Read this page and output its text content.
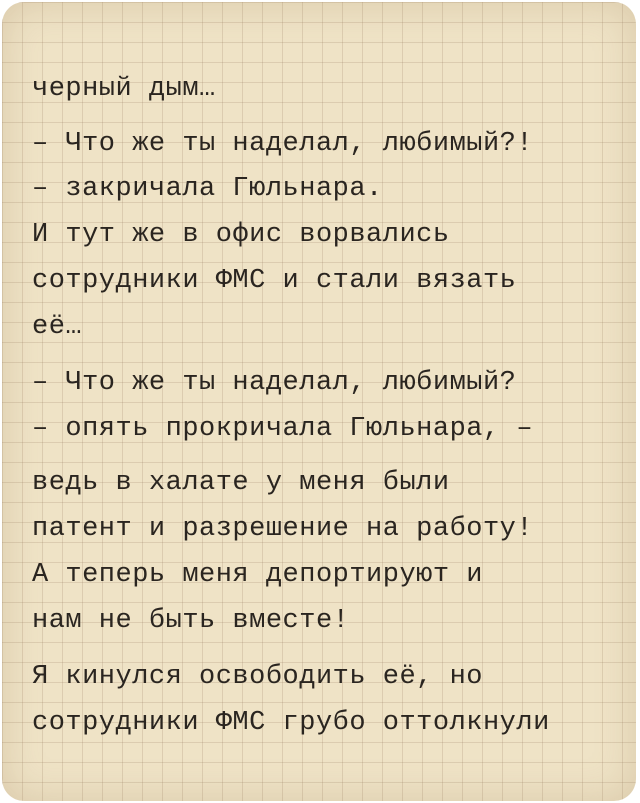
черный дым…
– Что же ты наделал, любимый?!
– закричала Гюльнара.
И тут же в офис ворвались
сотрудники ФМС и стали вязать
её…
– Что же ты наделал, любимый?
– опять прокричала Гюльнара, –
ведь в халате у меня были
патент и разрешение на работу!
А теперь меня депортируют и
нам не быть вместе!
Я кинулся освободить её, но
сотрудники ФМС грубо оттолкнули
